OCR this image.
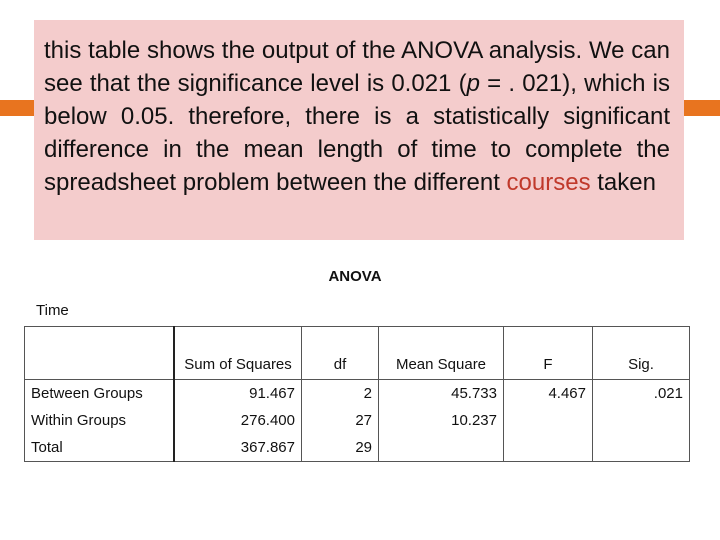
this table shows the output of the ANOVA analysis. We can see that the significance level is 0.021 (p = . 021), which is below 0.05. therefore, there is a statistically significant difference in the mean length of time to complete the spreadsheet problem between the different courses taken

ANOVA
Time
	Sum of Squares	df	Mean Square	F	Sig.
Between Groups	91.467	2	45.733	4.467	.021
Within Groups	276.400	27	10.237		
Total	367.867	29			
